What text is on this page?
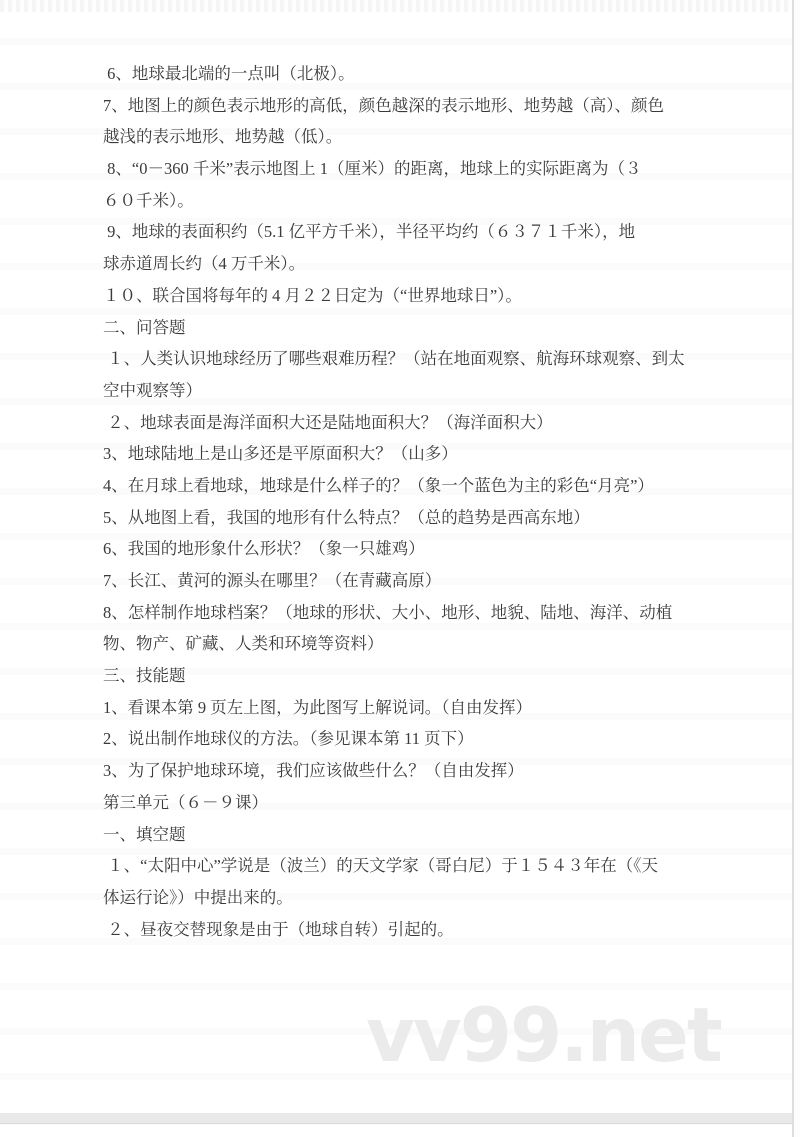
vv99.net
6、地球最北端的一点叫（北极）。
7、地图上的颜色表示地形的高低，颜色越深的表示地形、地势越（高）、颜色
越浅的表示地形、地势越（低）。
8、“0－360 千米”表示地图上 1（厘米）的距离，地球上的实际距离为（３
６０千米）。
9、地球的表面积约（5.1 亿平方千米），半径平均约（６３７１千米），地
球赤道周长约（4 万千米）。
１０、联合国将每年的 4 月２２日定为（“世界地球日”）。
二、问答题
１、人类认识地球经历了哪些艰难历程？（站在地面观察、航海环球观察、到太
空中观察等）
２、地球表面是海洋面积大还是陆地面积大？（海洋面积大）
3、地球陆地上是山多还是平原面积大？（山多）
4、在月球上看地球，地球是什么样子的？（象一个蓝色为主的彩色“月亮”）
5、从地图上看，我国的地形有什么特点？（总的趋势是西高东地）
6、我国的地形象什么形状？（象一只雄鸡）
7、长江、黄河的源头在哪里？（在青藏高原）
8、怎样制作地球档案？（地球的形状、大小、地形、地貌、陆地、海洋、动植
物、物产、矿藏、人类和环境等资料）
三、技能题
1、看课本第 9 页左上图，为此图写上解说词。（自由发挥）
2、说出制作地球仪的方法。（参见课本第 11 页下）
3、为了保护地球环境，我们应该做些什么？（自由发挥）
第三单元（６－９课）
一、填空题
１、“太阳中心”学说是（波兰）的天文学家（哥白尼）于１５４３年在（《天
体运行论》）中提出来的。
２、昼夜交替现象是由于（地球自转）引起的。
